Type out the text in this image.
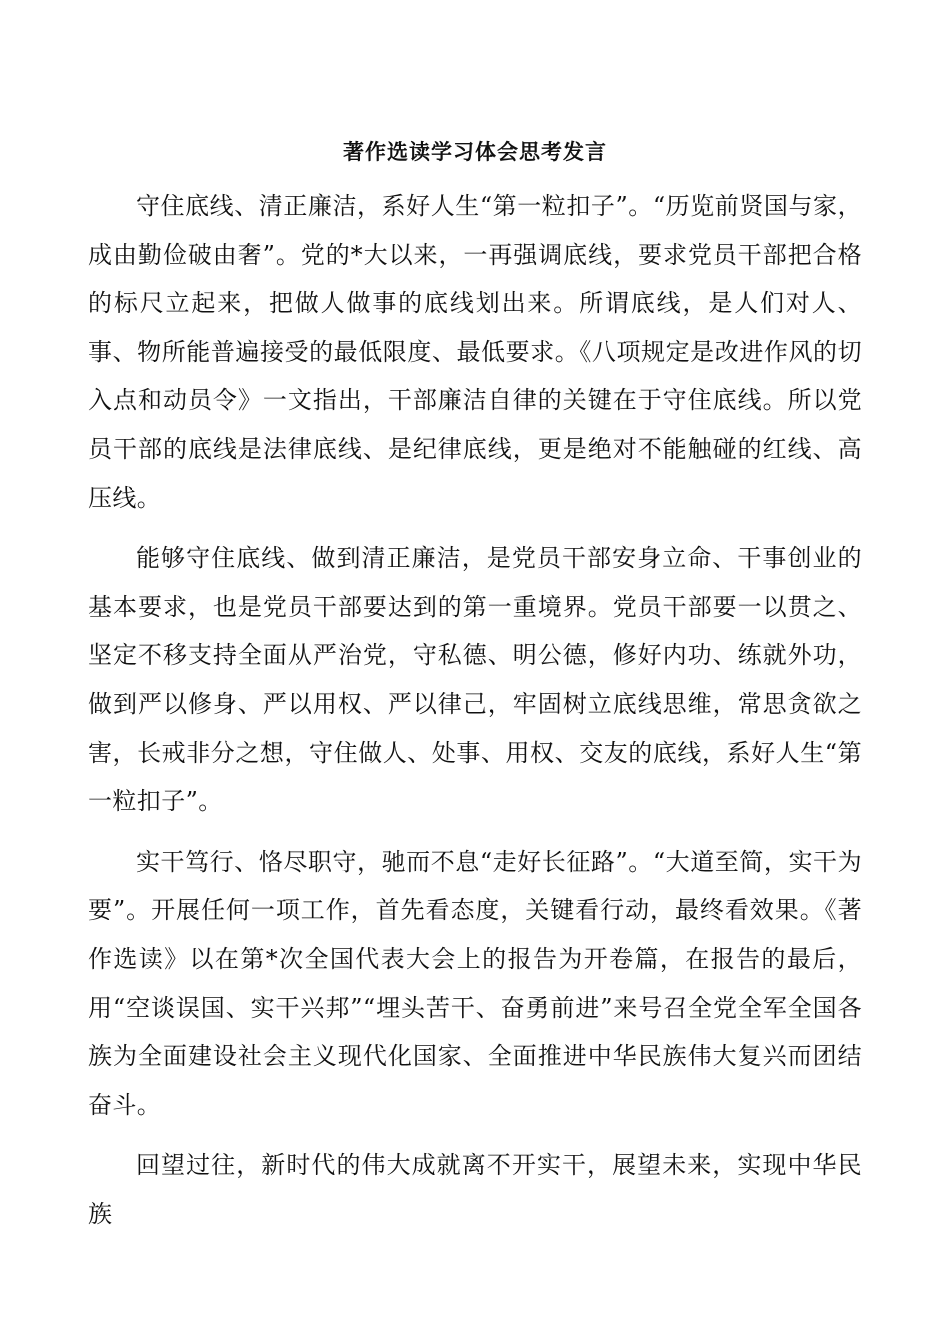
著作选读学习体会思考发言

守住底线、清正廉洁，系好人生“第一粒扣子”。“历览前贤国与家，成由勤俭破由奢”。党的*大以来，一再强调底线，要求党员干部把合格的标尺立起来，把做人做事的底线划出来。所谓底线，是人们对人、事、物所能普遍接受的最低限度、最低要求。《八项规定是改进作风的切入点和动员令》一文指出，干部廉洁自律的关键在于守住底线。所以党员干部的底线是法律底线、是纪律底线，更是绝对不能触碰的红线、高压线。

能够守住底线、做到清正廉洁，是党员干部安身立命、干事创业的基本要求，也是党员干部要达到的第一重境界。党员干部要一以贯之、坚定不移支持全面从严治党，守私德、明公德，修好内功、练就外功，做到严以修身、严以用权、严以律己，牢固树立底线思维，常思贪欲之害，长戒非分之想，守住做人、处事、用权、交友的底线，系好人生“第一粒扣子”。

实干笃行、恪尽职守，驰而不息“走好长征路”。“大道至简，实干为要”。开展任何一项工作，首先看态度，关键看行动，最终看效果。《著作选读》以在第*次全国代表大会上的报告为开卷篇，在报告的最后，用“空谈误国、实干兴邦”“埋头苦干、奋勇前进”来号召全党全军全国各族为全面建设社会主义现代化国家、全面推进中华民族伟大复兴而团结奋斗。

回望过往，新时代的伟大成就离不开实干，展望未来，实现中华民族
